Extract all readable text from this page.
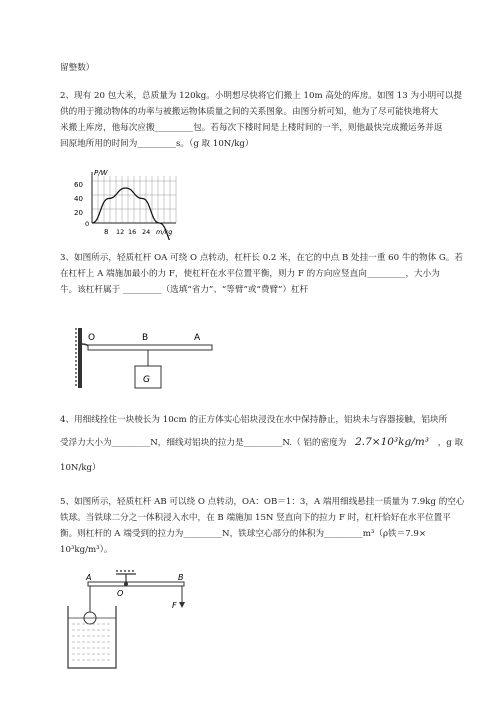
留整数）
2、现有 20 包大米，总质量为 120kg。小明想尽快将它们搬上 10m 高处的库房。如图 13 为小明可以提
供的用于搬动物体的功率与被搬运物体质量之间的关系图象。由图分析可知，他为了尽可能快地将大
米搬上库房，他每次应搬_________包。若每次下楼时间是上楼时间的一半，则他最快完成搬运务并返
回原地所用的时间为_________s。（g 取 10N/kg）
P/W
m/kg
60
40
20
0
8 12 16 24
3、如图所示，轻质杠杆 OA 可绕 O 点转动，杠杆长 0.2 米，在它的中点 B 处挂一重 60 牛的物体 G。若
在杠杆上 A 端施加最小的力 F，使杠杆在水平位置平衡，则力 F 的方向应竖直向_________，大小为
牛。该杠杆属于 _________（选填“省力”、“等臂”或“费臂”）杠杆
O	B	A
G
4、用细线拴住一块棱长为 10cm 的正方体实心铝块浸没在水中保持静止，铝块未与容器接触，铝块所
受浮力大小为_________N，细线对铝块的拉力是_________N.（ 铝的密度为 2.7×10³kg/m³ ，g 取
10N/kg）
5、如图所示，轻质杠杆 AB 可以绕 O 点转动，OA：OB＝1：3，A 端用细线悬挂一质量为 7.9kg 的空心
铁球。当铁球二分之一体积浸入水中，在 B 端施加 15N 竖直向下的拉力 F 时，杠杆恰好在水平位置平
衡。则杠杆的 A 端受到的拉力为_________N，铁球空心部分的体积为_________m³（ρ铁＝7.9×
10³kg/m³）。
A	B
O
F
